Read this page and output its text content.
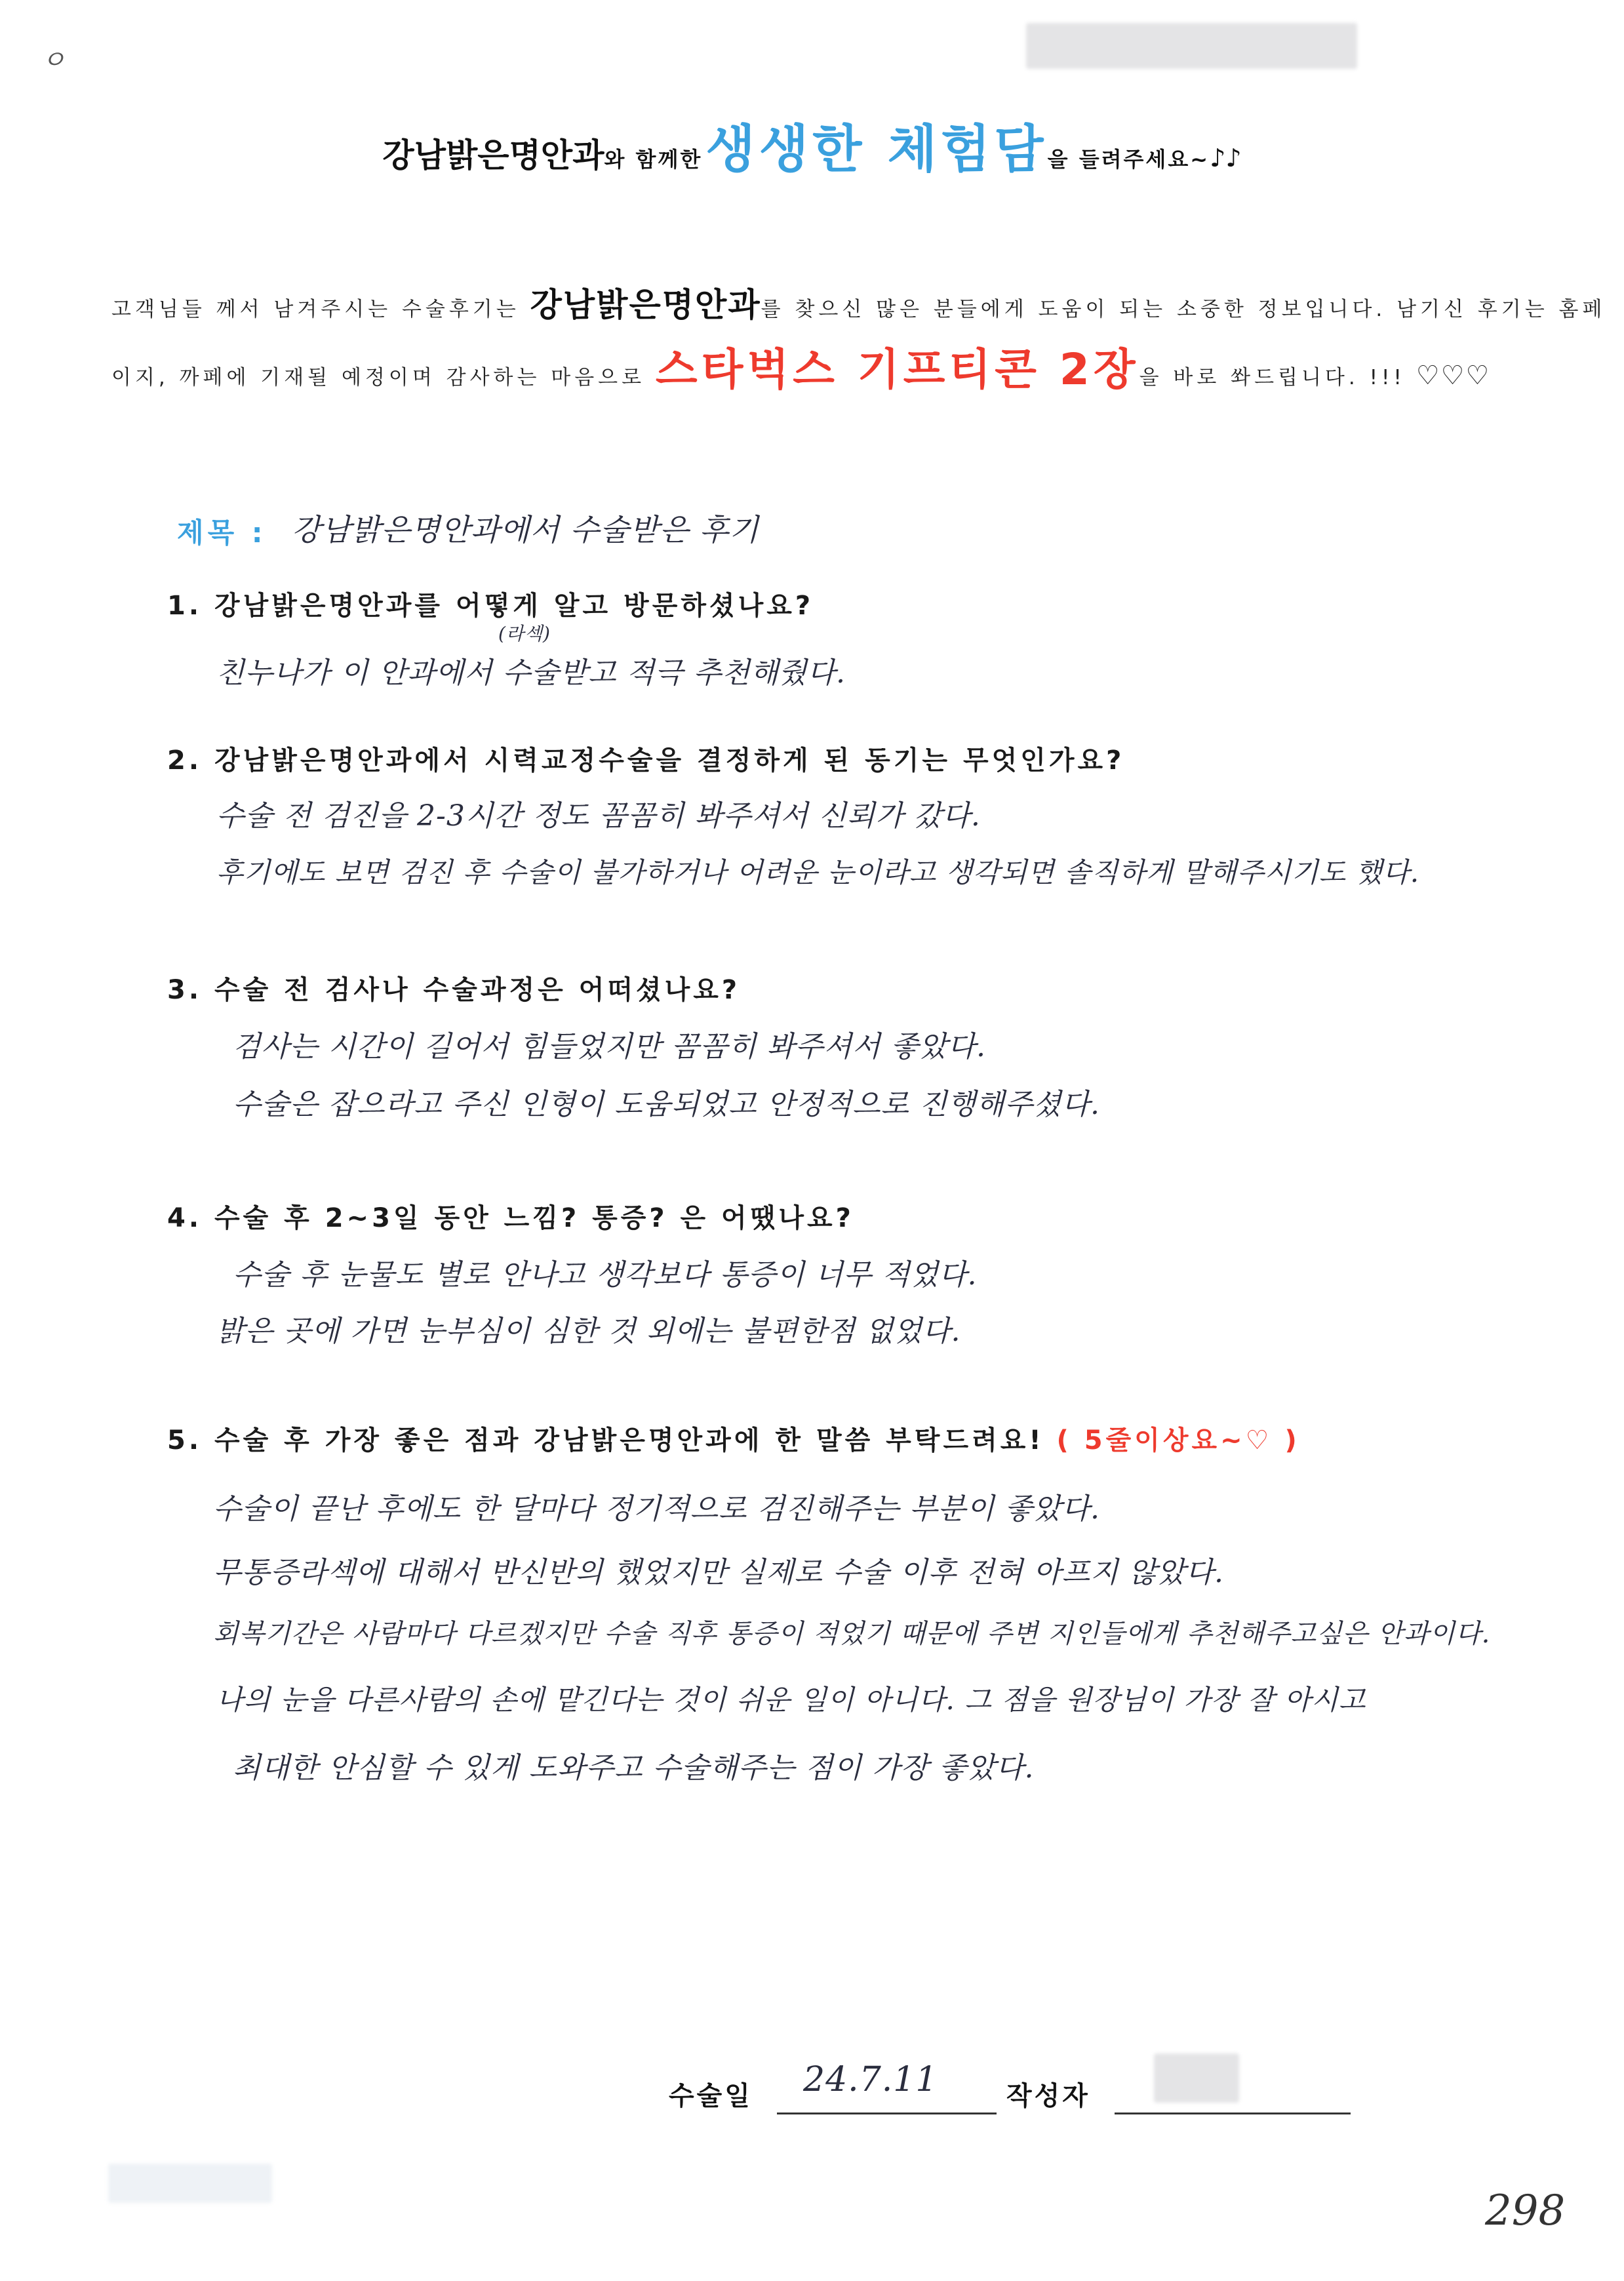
ㅇ
강남밝은명안과와 함께한 생생한 체험담을 들려주세요~♪♪
고객님들 께서 남겨주시는 수술후기는 강남밝은명안과를 찾으신 많은 분들에게 도움이 되는 소중한 정보입니다. 남기신 후기는 홈페
이지, 까페에 기재될 예정이며 감사하는 마음으로 스타벅스 기프티콘 2장을 바로 쏴드립니다. !!! ♡♡♡
제목 : 강남밝은명안과에서 수술받은 후기
1. 강남밝은명안과를 어떻게 알고 방문하셨나요?
(라섹)
친누나가 이 안과에서 수술받고 적극 추천해줬다.
2. 강남밝은명안과에서 시력교정수술을 결정하게 된 동기는 무엇인가요?
수술 전 검진을 2-3시간 정도 꼼꼼히 봐주셔서 신뢰가 갔다.
후기에도 보면 검진 후 수술이 불가하거나 어려운 눈이라고 생각되면 솔직하게 말해주시기도 했다.
3. 수술 전 검사나 수술과정은 어떠셨나요?
검사는 시간이 길어서 힘들었지만 꼼꼼히 봐주셔서 좋았다.
수술은 잡으라고 주신 인형이 도움되었고 안정적으로 진행해주셨다.
4. 수술 후 2~3일 동안 느낌? 통증? 은 어땠나요?
수술 후 눈물도 별로 안나고 생각보다 통증이 너무 적었다.
밝은 곳에 가면 눈부심이 심한 것 외에는 불편한점 없었다.
5. 수술 후 가장 좋은 점과 강남밝은명안과에 한 말씀 부탁드려요! ( 5줄이상요~♡ )
수술이 끝난 후에도 한 달마다 정기적으로 검진해주는 부분이 좋았다.
무통증라섹에 대해서 반신반의 했었지만 실제로 수술 이후 전혀 아프지 않았다.
회복기간은 사람마다 다르겠지만 수술 직후 통증이 적었기 때문에 주변 지인들에게 추천해주고싶은 안과이다.
나의 눈을 다른사람의 손에 맡긴다는 것이 쉬운 일이 아니다. 그 점을 원장님이 가장 잘 아시고
최대한 안심할 수 있게 도와주고 수술해주는 점이 가장 좋았다.
수술일 24.7.11	작성자
298
